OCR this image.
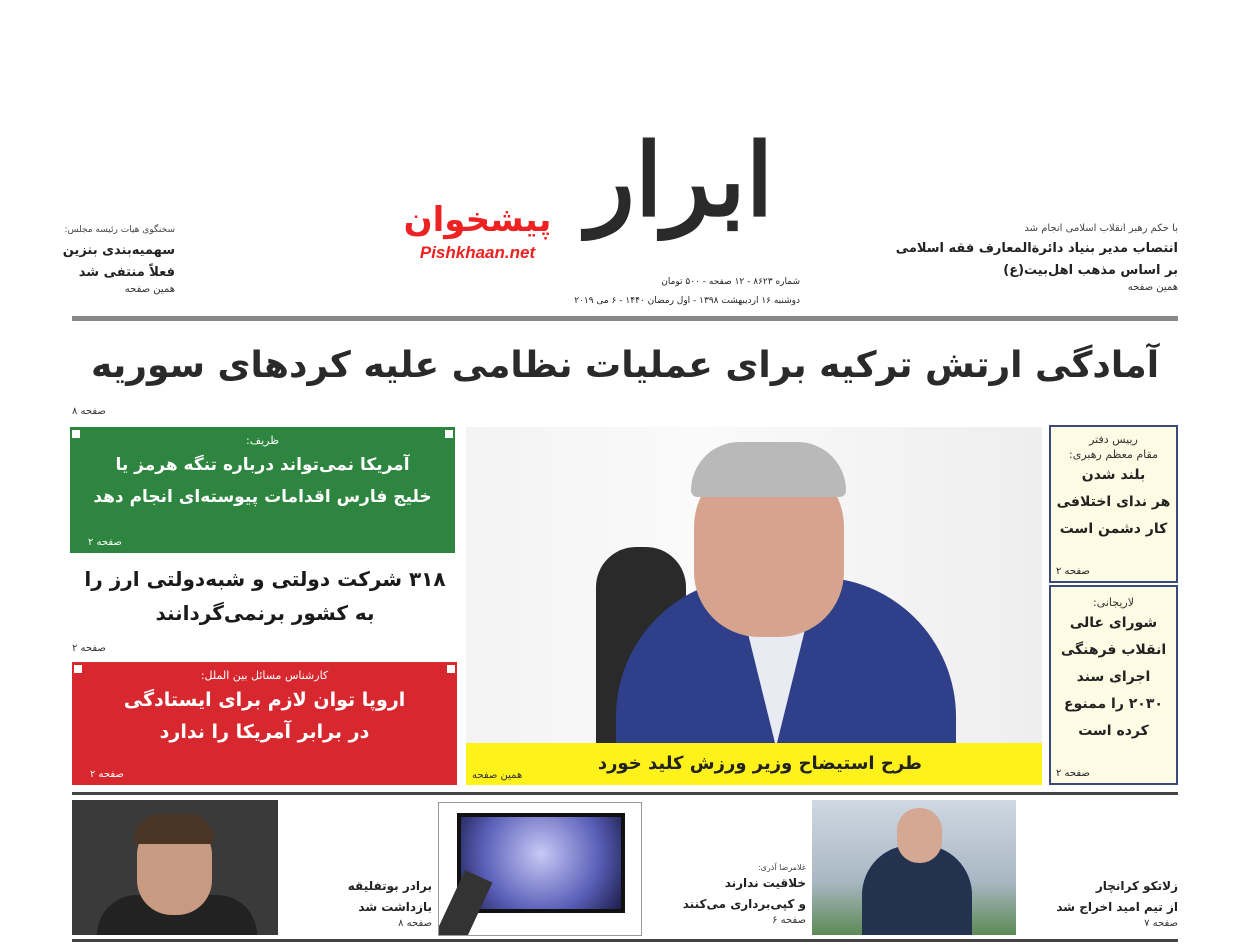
ابرار
پیشخوان
Pishkhaan.net
شماره ۸۶۲۳ - ۱۲ صفحه - ۵۰۰ تومان
دوشنبه ۱۶ اردیبهشت ۱۳۹۸ - اول رمضان ۱۴۴۰ - ۶ می ۲۰۱۹
با حکم رهبر انقلاب اسلامی انجام شد
انتصاب مدیر بنیاد دائرةالمعارف فقه اسلامی
بر اساس مذهب اهل‌بیت(ع)
همین صفحه
سخنگوی هیات رئیسه مجلس:
سهمیه‌بندی بنزین
فعلاً منتفی شد
همین صفحه
آمادگی ارتش ترکیه برای عملیات نظامی علیه کردهای سوریه
صفحه ۸
ظریف:
آمریکا نمی‌تواند درباره تنگه هرمز یا
خلیج فارس اقدامات پیوسته‌ای انجام دهد
صفحه ۲
۳۱۸ شرکت دولتی و شبه‌دولتی ارز را
به کشور برنمی‌گردانند
صفحه ۲
کارشناس مسائل بین الملل:
اروپا توان لازم برای ایستادگی
در برابر آمریکا را ندارد
صفحه ۲
طرح استیضاح وزیر ورزش کلید خورد
همین صفحه
رییس دفتر
مقام معظم رهبری:
بلند شدن
هر ندای اختلافی
کار دشمن است
صفحه ۲
لاریجانی:
شورای عالی
انقلاب فرهنگی
اجرای سند
۲۰۳۰ را ممنوع
کرده است
صفحه ۲
زلاتکو کرانچار
از تیم امید اخراج شد
صفحه ۷
غلامرضا آذری:
خلاقیت ندارند
و کپی‌برداری می‌کنند
صفحه ۶
برادر بوتفلیقه
بازداشت شد
صفحه ۸
